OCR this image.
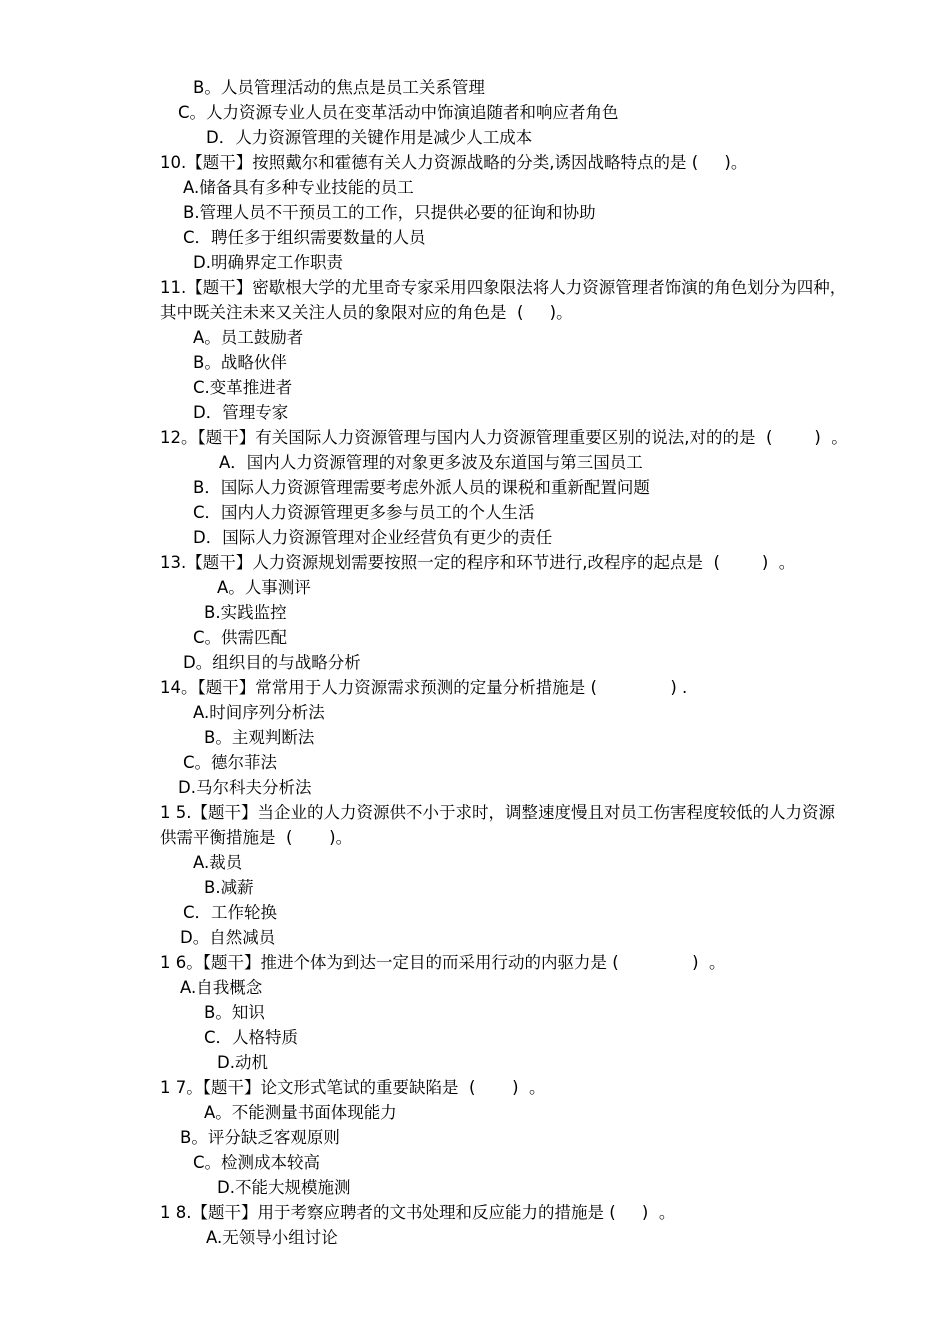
B。人员管理活动的焦点是员工关系管理
C。人力资源专业人员在变革活动中饰演追随者和响应者角色
D．人力资源管理的关键作用是减少人工成本
10.【题干】按照戴尔和霍德有关人力资源战略的分类,诱因战略特点的是 (     )。
A.储备具有多种专业技能的员工
B.管理人员不干预员工的工作，只提供必要的征询和协助
C．聘任多于组织需要数量的人员
D.明确界定工作职责
11.【题干】密歇根大学的尤里奇专家采用四象限法将人力资源管理者饰演的角色划分为四种，
其中既关注未来又关注人员的象限对应的角色是  (     )。
A。员工鼓励者
B。战略伙伴
C.变革推进者
D．管理专家
12。【题干】有关国际人力资源管理与国内人力资源管理重要区别的说法,对的的是  (        )  。
A．国内人力资源管理的对象更多波及东道国与第三国员工
B．国际人力资源管理需要考虑外派人员的课税和重新配置问题
C．国内人力资源管理更多参与员工的个人生活
D．国际人力资源管理对企业经营负有更少的责任
13.【题干】人力资源规划需要按照一定的程序和环节进行,改程序的起点是  (        )  。
A。人事测评
B.实践监控
C。供需匹配
D。组织目的与战略分析
14。【题干】常常用于人力资源需求预测的定量分析措施是 (              ) .
A.时间序列分析法
B。主观判断法
C。德尔菲法
D.马尔科夫分析法
1 5.【题干】当企业的人力资源供不小于求时，调整速度慢且对员工伤害程度较低的人力资源
供需平衡措施是  (       )。
A.裁员
B.减薪
C．工作轮换
D。自然减员
1 6。【题干】推进个体为到达一定目的而采用行动的内驱力是 (              )  。
A.自我概念
B。知识
C．人格特质
D.动机
1 7。【题干】论文形式笔试的重要缺陷是  (       )  。
A。不能测量书面体现能力
B。评分缺乏客观原则
C。检测成本较高
D.不能大规模施测
1 8.【题干】用于考察应聘者的文书处理和反应能力的措施是 (     )  。
A.无领导小组讨论
